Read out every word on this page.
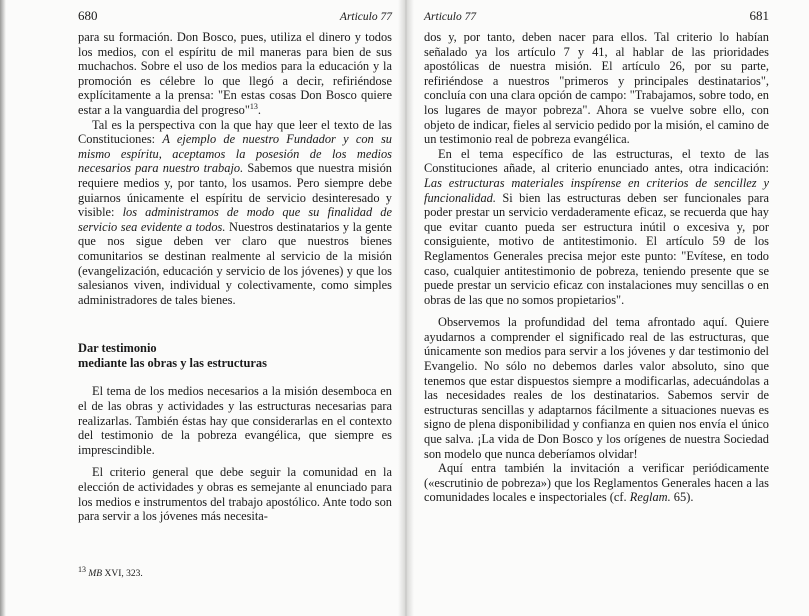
680	Articulo 77

para su formación. Don Bosco, pues, utiliza el dinero y todos los medios, con el espíritu de mil maneras para bien de sus muchachos. Sobre el uso de los medios para la educación y la promoción es célebre lo que llegó a decir, refiriéndose explícitamente a la prensa: "En estas cosas Don Bosco quiere estar a la vanguardia del progreso"$^{13}$.

Tal es la perspectiva con la que hay que leer el texto de las Constituciones: A ejemplo de nuestro Fundador y con su mismo espíritu, aceptamos la posesión de los medios necesarios para nuestro trabajo. Sabemos que nuestra misión requiere medios y, por tanto, los usamos. Pero siempre debe guiarnos únicamente el espíritu de servicio desinteresado y visible: los administramos de modo que su finalidad de servicio sea evidente a todos. Nuestros destinatarios y la gente que nos sigue deben ver claro que nuestros bienes comunitarios se destinan realmente al servicio de la misión (evangelización, educación y servicio de los jóvenes) y que los salesianos viven, individual y colectivamente, como simples administradores de tales bienes.

Dar testimonio
mediante las obras y las estructuras

El tema de los medios necesarios a la misión desemboca en el de las obras y actividades y las estructuras necesarias para realizarlas. También éstas hay que considerarlas en el contexto del testimonio de la pobreza evangélica, que siempre es imprescindible.

El criterio general que debe seguir la comunidad en la elección de actividades y obras es semejante al enunciado para los medios e instrumentos del trabajo apostólico. Ante todo son para servir a los jóvenes más necesita-

$^{13}$ MB XVI, 323.
Articulo 77	681

dos y, por tanto, deben nacer para ellos. Tal criterio lo habían señalado ya los artículo 7 y 41, al hablar de las prioridades apostólicas de nuestra misión. El artículo 26, por su parte, refiriéndose a nuestros "primeros y principales destinatarios", concluía con una clara opción de campo: "Trabajamos, sobre todo, en los lugares de mayor pobreza". Ahora se vuelve sobre ello, con objeto de indicar, fieles al servicio pedido por la misión, el camino de un testimonio real de pobreza evangélica.

En el tema específico de las estructuras, el texto de las Constituciones añade, al criterio enunciado antes, otra indicación: Las estructuras materiales inspírense en criterios de sencillez y funcionalidad. Si bien las estructuras deben ser funcionales para poder prestar un servicio verdaderamente eficaz, se recuerda que hay que evitar cuanto pueda ser estructura inútil o excesiva y, por consiguiente, motivo de antitestimonio. El artículo 59 de los Reglamentos Generales precisa mejor este punto: "Evítese, en todo caso, cualquier antitestimonio de pobreza, teniendo presente que se puede prestar un servicio eficaz con instalaciones muy sencillas o en obras de las que no somos propietarios".

Observemos la profundidad del tema afrontado aquí. Quiere ayudarnos a comprender el significado real de las estructuras, que únicamente son medios para servir a los jóvenes y dar testimonio del Evangelio. No sólo no debemos darles valor absoluto, sino que tenemos que estar dispuestos siempre a modificarlas, adecuándolas a las necesidades reales de los destinatarios. Sabemos servir de estructuras sencillas y adaptarnos fácilmente a situaciones nuevas es signo de plena disponibilidad y confianza en quien nos envía el único que salva. ¡La vida de Don Bosco y los orígenes de nuestra Sociedad son modelo que nunca deberíamos olvidar!

Aquí entra también la invitación a verificar periódicamente («escrutinio de pobreza») que los Reglamentos Generales hacen a las comunidades locales e inspectoriales (cf. Reglam. 65).
